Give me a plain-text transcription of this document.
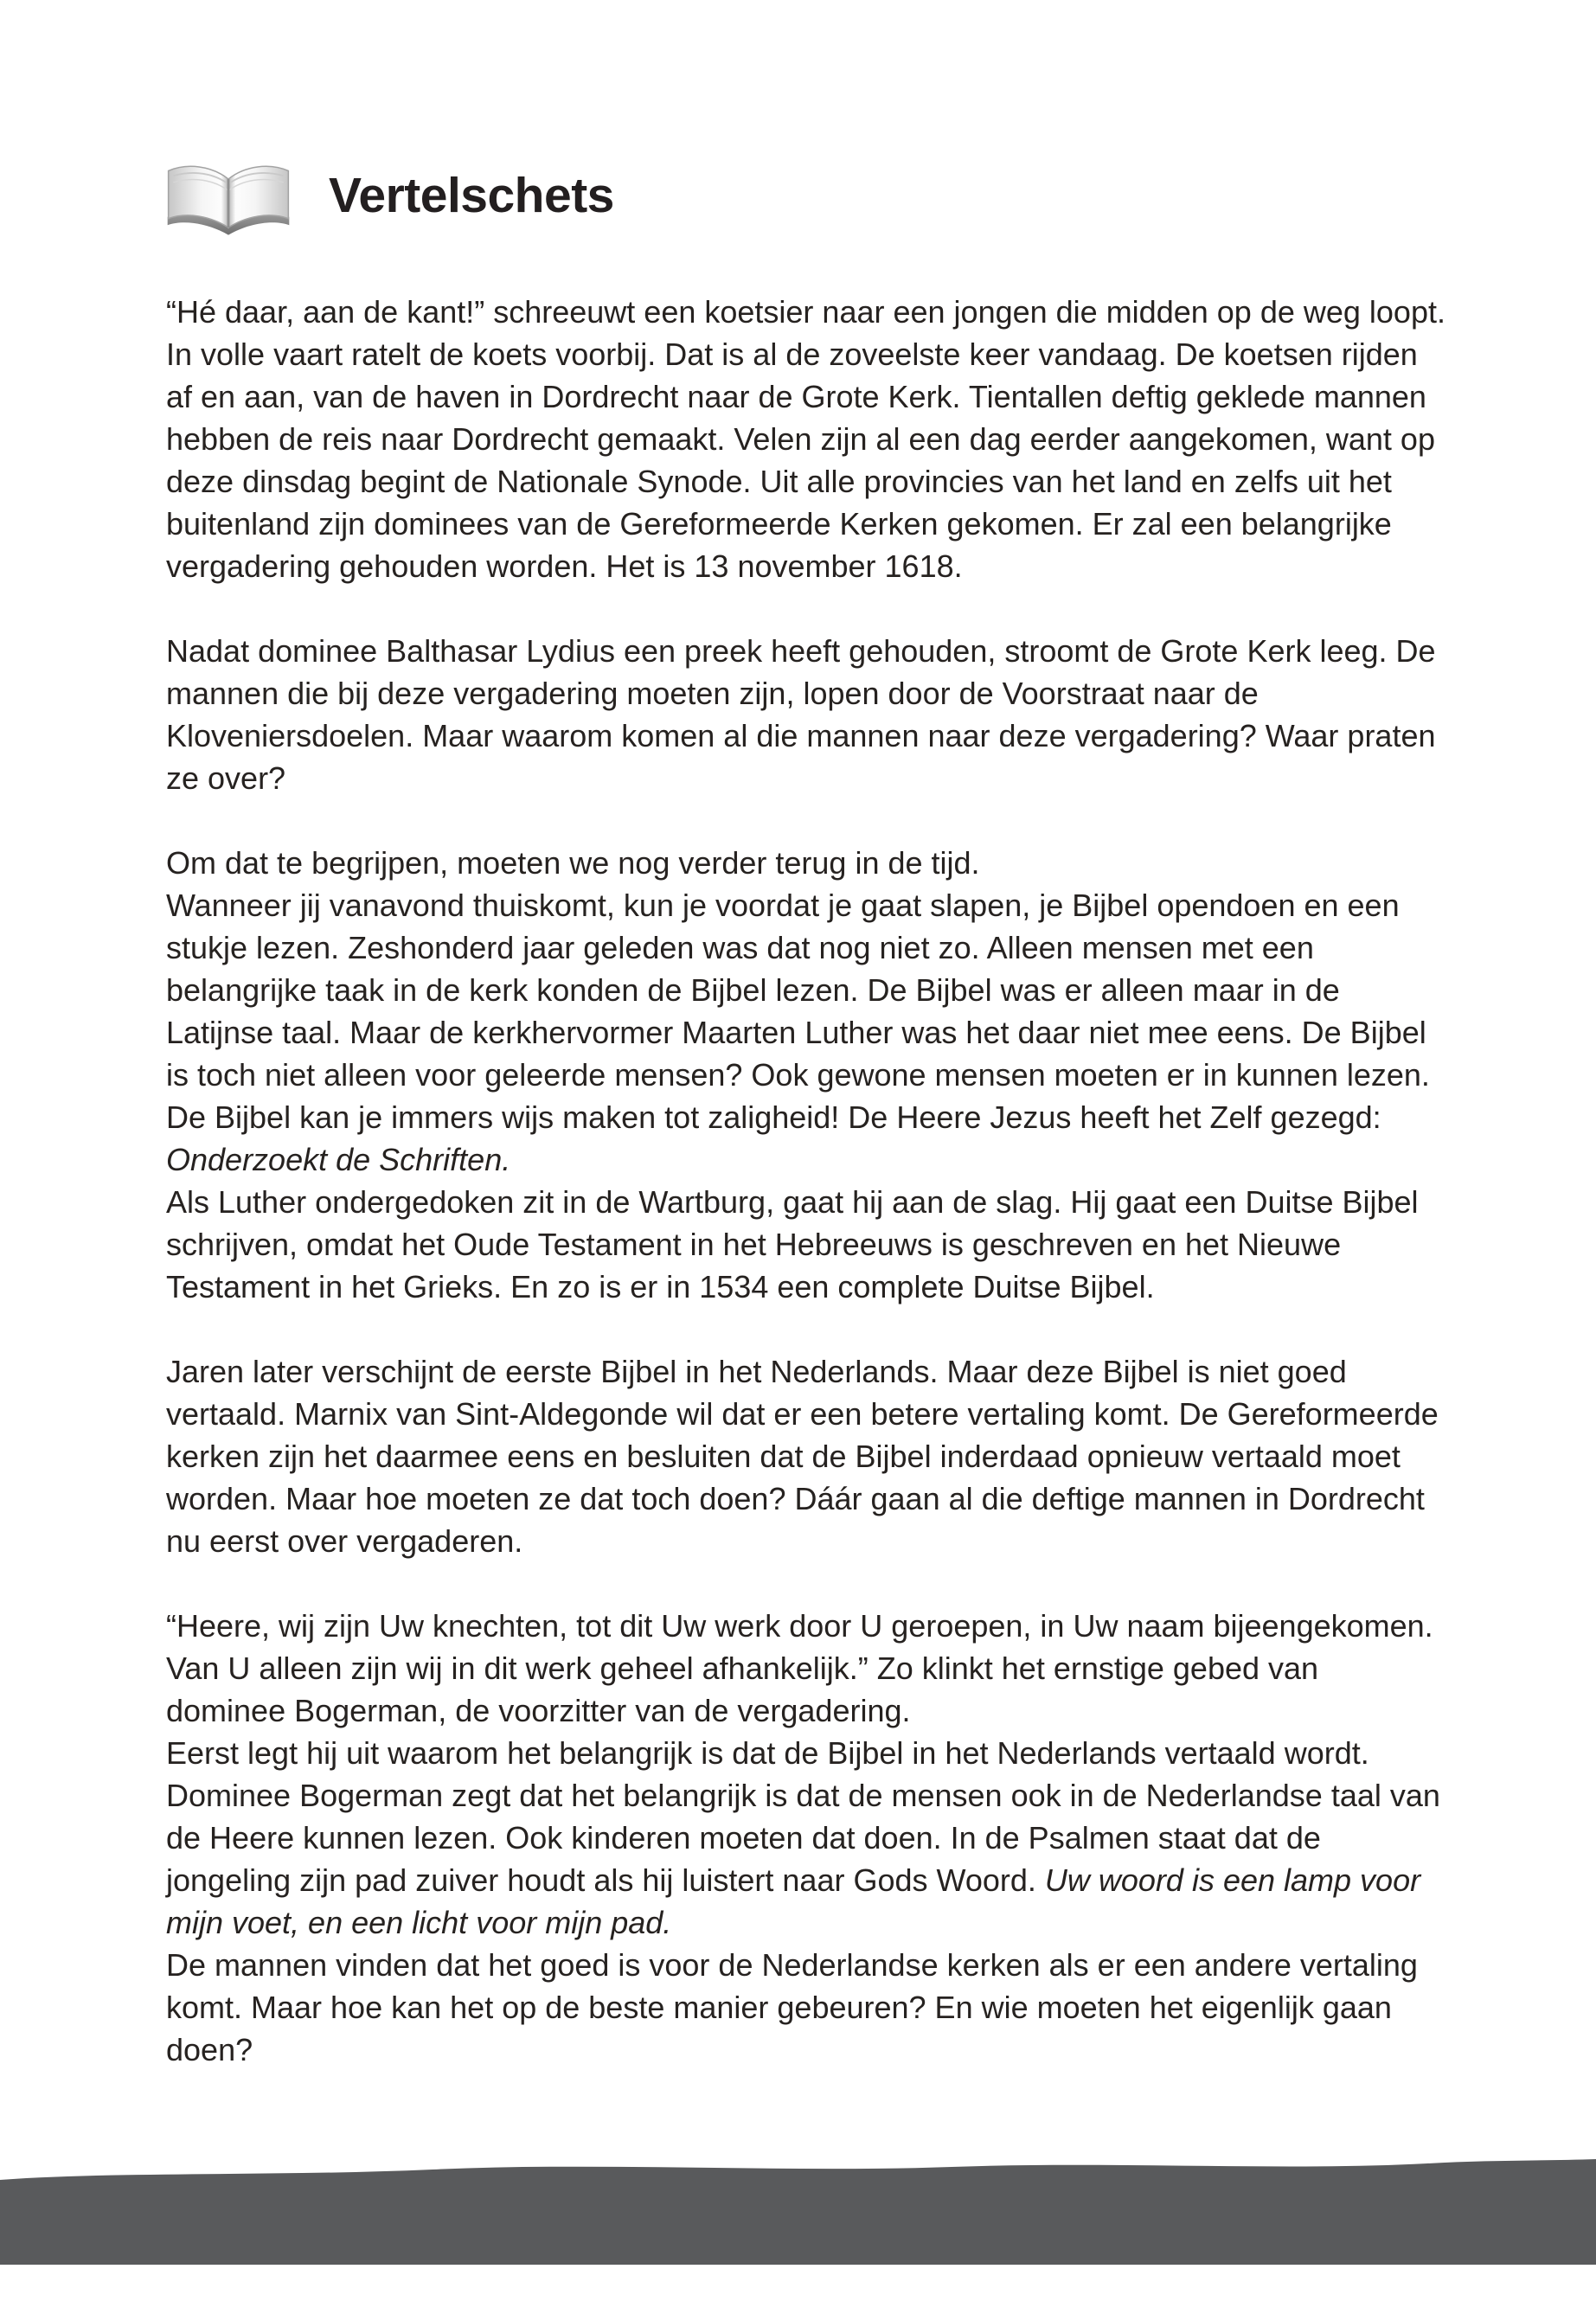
Vertelschets

“Hé daar, aan de kant!” schreeuwt een koetsier naar een jongen die midden op de weg loopt. In volle vaart ratelt de koets voorbij. Dat is al de zoveelste keer vandaag. De koetsen rijden af en aan, van de haven in Dordrecht naar de Grote Kerk. Tientallen deftig geklede mannen hebben de reis naar Dordrecht gemaakt. Velen zijn al een dag eerder aangekomen, want op deze dinsdag begint de Nationale Synode. Uit alle provincies van het land en zelfs uit het buitenland zijn dominees van de Gereformeerde Kerken gekomen. Er zal een belangrijke vergadering gehouden worden. Het is 13 november 1618.

Nadat dominee Balthasar Lydius een preek heeft gehouden, stroomt de Grote Kerk leeg. De mannen die bij deze vergadering moeten zijn, lopen door de Voorstraat naar de Kloveniersdoelen. Maar waarom komen al die mannen naar deze vergadering? Waar praten ze over?

Om dat te begrijpen, moeten we nog verder terug in de tijd.

Wanneer jij vanavond thuiskomt, kun je voordat je gaat slapen, je Bijbel opendoen en een stukje lezen. Zeshonderd jaar geleden was dat nog niet zo. Alleen mensen met een belangrijke taak in de kerk konden de Bijbel lezen. De Bijbel was er alleen maar in de Latijnse taal. Maar de kerkhervormer Maarten Luther was het daar niet mee eens. De Bijbel is toch niet alleen voor geleerde mensen? Ook gewone mensen moeten er in kunnen lezen. De Bijbel kan je immers wijs maken tot zaligheid! De Heere Jezus heeft het Zelf gezegd: Onderzoekt de Schriften.

Als Luther ondergedoken zit in de Wartburg, gaat hij aan de slag. Hij gaat een Duitse Bijbel schrijven, omdat het Oude Testament in het Hebreeuws is geschreven en het Nieuwe Testament in het Grieks. En zo is er in 1534 een complete Duitse Bijbel.

Jaren later verschijnt de eerste Bijbel in het Nederlands. Maar deze Bijbel is niet goed vertaald. Marnix van Sint-Aldegonde wil dat er een betere vertaling komt. De Gereformeerde kerken zijn het daarmee eens en besluiten dat de Bijbel inderdaad opnieuw vertaald moet worden. Maar hoe moeten ze dat toch doen? Dáár gaan al die deftige mannen in Dordrecht nu eerst over vergaderen.

“Heere, wij zijn Uw knechten, tot dit Uw werk door U geroepen, in Uw naam bijeengekomen. Van U alleen zijn wij in dit werk geheel afhankelijk.” Zo klinkt het ernstige gebed van dominee Bogerman, de voorzitter van de vergadering.

Eerst legt hij uit waarom het belangrijk is dat de Bijbel in het Nederlands vertaald wordt. Dominee Bogerman zegt dat het belangrijk is dat de mensen ook in de Nederlandse taal van de Heere kunnen lezen. Ook kinderen moeten dat doen. In de Psalmen staat dat de jongeling zijn pad zuiver houdt als hij luistert naar Gods Woord. Uw woord is een lamp voor mijn voet, en een licht voor mijn pad.

De mannen vinden dat het goed is voor de Nederlandse kerken als er een andere vertaling komt. Maar hoe kan het op de beste manier gebeuren? En wie moeten het eigenlijk gaan doen?
